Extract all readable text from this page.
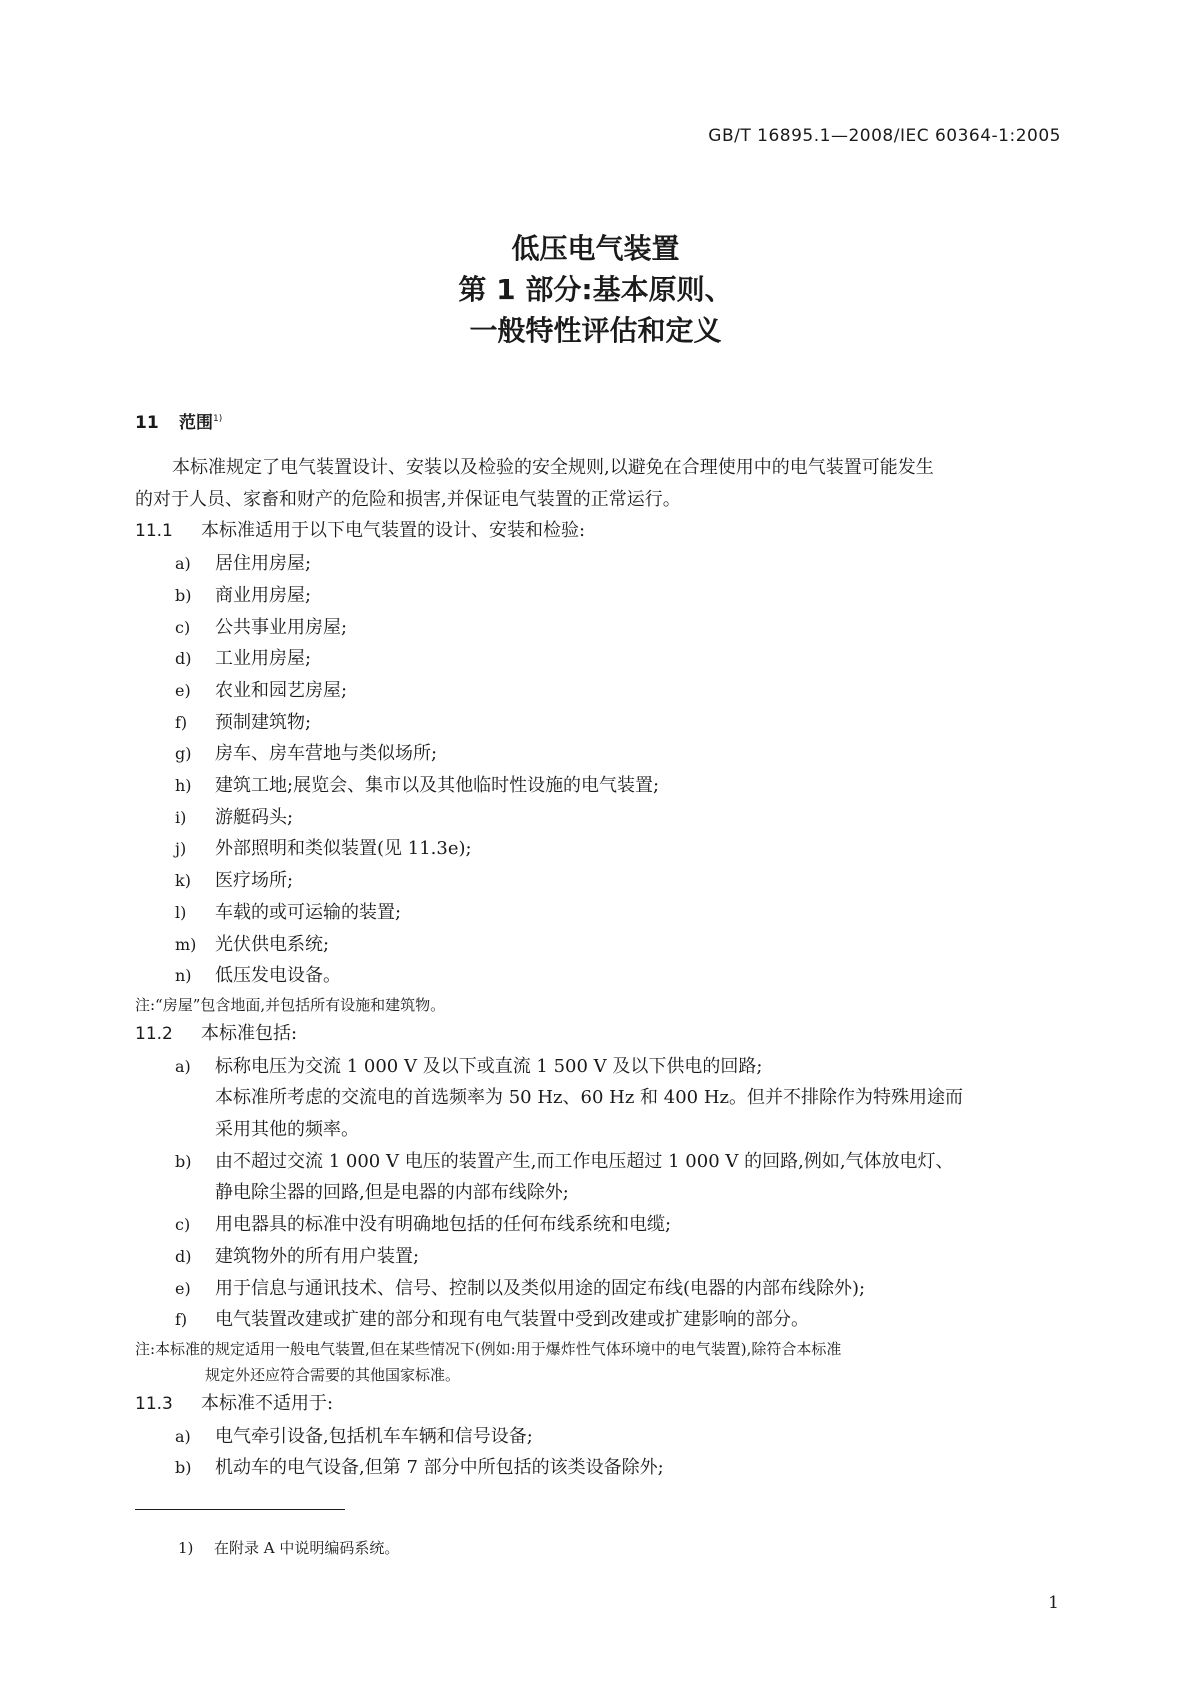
GB/T 16895.1—2008/IEC 60364-1:2005
低压电气装置
第 1 部分:基本原则、
一般特性评估和定义
11 范围$^{1)}$
本标准规定了电气装置设计、安装以及检验的安全规则,以避免在合理使用中的电气装置可能发生
的对于人员、家畜和财产的危险和损害,并保证电气装置的正常运行。
11.1 本标准适用于以下电气装置的设计、安装和检验:
a) 居住用房屋;
b) 商业用房屋;
c) 公共事业用房屋;
d) 工业用房屋;
e) 农业和园艺房屋;
f) 预制建筑物;
g) 房车、房车营地与类似场所;
h) 建筑工地;展览会、集市以及其他临时性设施的电气装置;
i) 游艇码头;
j) 外部照明和类似装置(见 11.3e);
k) 医疗场所;
l) 车载的或可运输的装置;
m) 光伏供电系统;
n) 低压发电设备。
注:“房屋”包含地面,并包括所有设施和建筑物。
11.2 本标准包括:
a) 标称电压为交流 1 000 V 及以下或直流 1 500 V 及以下供电的回路;
本标准所考虑的交流电的首选频率为 50 Hz、60 Hz 和 400 Hz。但并不排除作为特殊用途而
采用其他的频率。
b) 由不超过交流 1 000 V 电压的装置产生,而工作电压超过 1 000 V 的回路,例如,气体放电灯、
静电除尘器的回路,但是电器的内部布线除外;
c) 用电器具的标准中没有明确地包括的任何布线系统和电缆;
d) 建筑物外的所有用户装置;
e) 用于信息与通讯技术、信号、控制以及类似用途的固定布线(电器的内部布线除外);
f) 电气装置改建或扩建的部分和现有电气装置中受到改建或扩建影响的部分。
注:本标准的规定适用一般电气装置,但在某些情况下(例如:用于爆炸性气体环境中的电气装置),除符合本标准
规定外还应符合需要的其他国家标准。
11.3 本标准不适用于:
a) 电气牵引设备,包括机车车辆和信号设备;
b) 机动车的电气设备,但第 7 部分中所包括的该类设备除外;
1) 在附录 A 中说明编码系统。
1
